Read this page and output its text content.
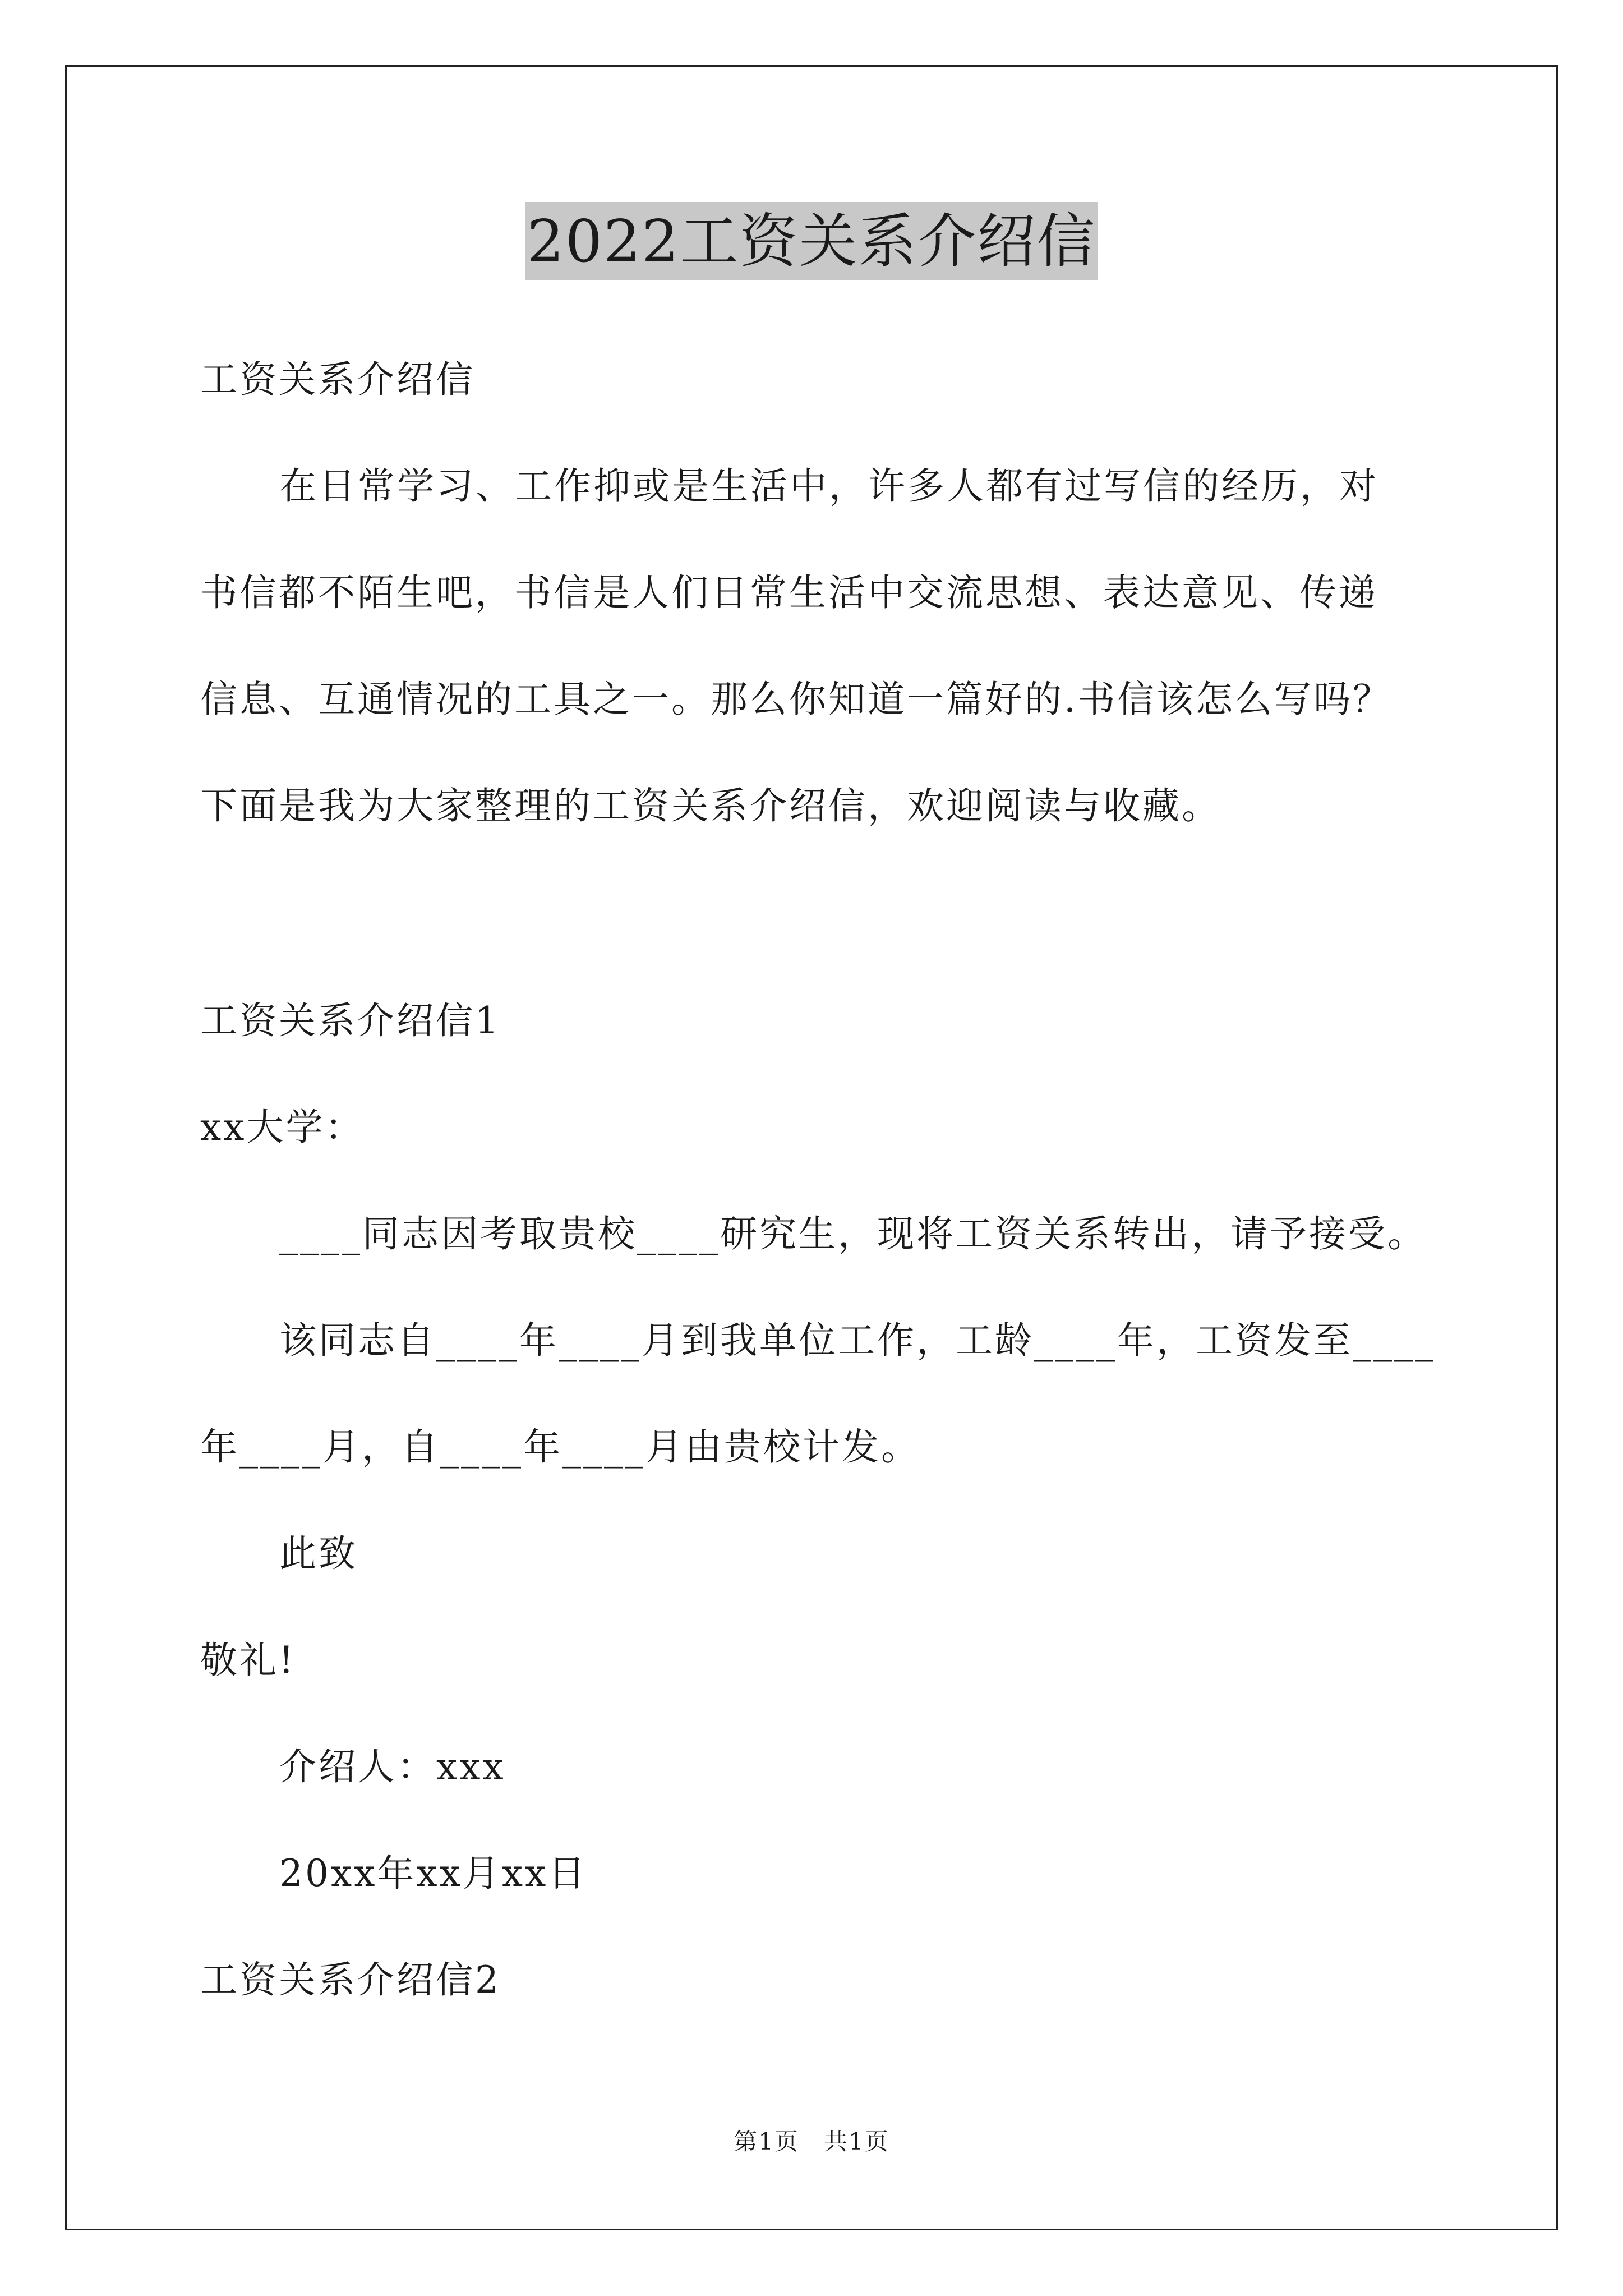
2022工资关系介绍信
工资关系介绍信
在日常学习、工作抑或是生活中，许多人都有过写信的经历，对
书信都不陌生吧，书信是人们日常生活中交流思想、表达意见、传递
信息、互通情况的工具之一。那么你知道一篇好的.书信该怎么写吗？
下面是我为大家整理的工资关系介绍信，欢迎阅读与收藏。
工资关系介绍信1
xx大学：
____同志因考取贵校____研究生，现将工资关系转出，请予接受。
该同志自____年____月到我单位工作，工龄____年，工资发至____
年____月，自____年____月由贵校计发。
此致
敬礼!
介绍人：xxx
20xx年xx月xx日
工资关系介绍信2
第1页　共1页
